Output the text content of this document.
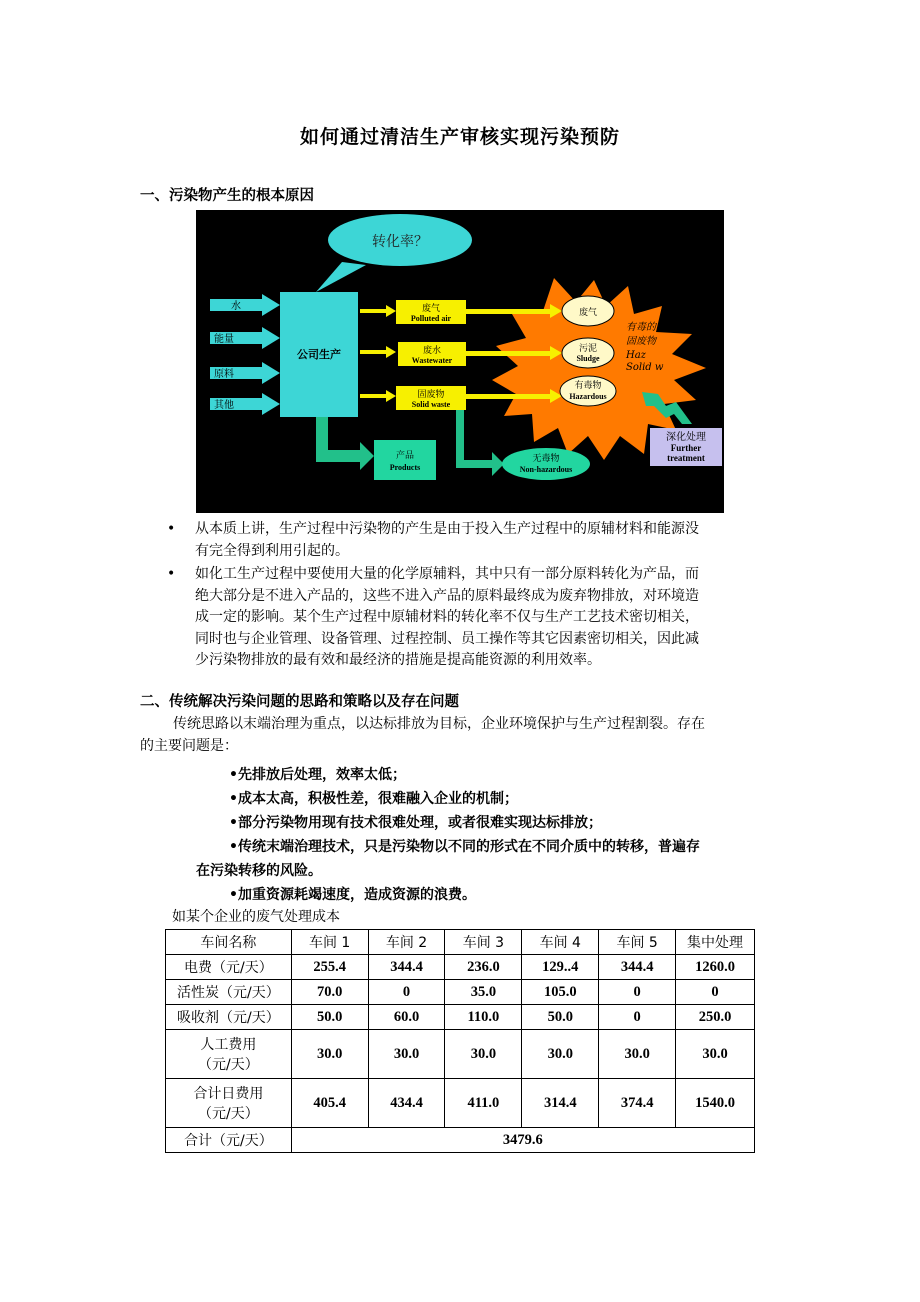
如何通过清洁生产审核实现污染预防
一、污染物产生的根本原因
转化率？
水
能量
原料
其他
公司生产
废气
Polluted air
废水
Wastewater
固废物
Solid waste
有毒的
固废物
Haz
Solid w
废气
污泥
Sludge
有毒物
Hazardous
深化处理
Further
treatment
产品
Products
无毒物
Non-hazardous
• 从本质上讲，生产过程中污染物的产生是由于投入生产过程中的原辅材料和能源没
有完全得到利用引起的。
• 如化工生产过程中要使用大量的化学原辅料，其中只有一部分原料转化为产品，而
绝大部分是不进入产品的，这些不进入产品的原料最终成为废弃物排放，对环境造
成一定的影响。某个生产过程中原辅材料的转化率不仅与生产工艺技术密切相关，
同时也与企业管理、设备管理、过程控制、员工操作等其它因素密切相关，因此减
少污染物排放的最有效和最经济的措施是提高能资源的利用效率。
二、传统解决污染问题的思路和策略以及存在问题
传统思路以末端治理为重点，以达标排放为目标，企业环境保护与生产过程割裂。存在
的主要问题是：
•先排放后处理，效率太低；
•成本太高，积极性差，很难融入企业的机制；
•部分污染物用现有技术很难处理，或者很难实现达标排放；
•传统末端治理技术，只是污染物以不同的形式在不同介质中的转移，普遍存
在污染转移的风险。
•加重资源耗竭速度，造成资源的浪费。
如某个企业的废气处理成本
车间名称	车间 1	车间 2	车间 3	车间 4	车间 5	集中处理
电费（元/天）	255.4	344.4	236.0	129..4	344.4	1260.0
活性炭（元/天）	70.0	0	35.0	105.0	0	0
吸收剂（元/天）	50.0	60.0	110.0	50.0	0	250.0

人工费用
（元/天）	30.0	30.0	30.0	30.0	30.0	30.0

合计日费用
（元/天）	405.4	434.4	411.0	314.4	374.4	1540.0
合计（元/天）	3479.6					
